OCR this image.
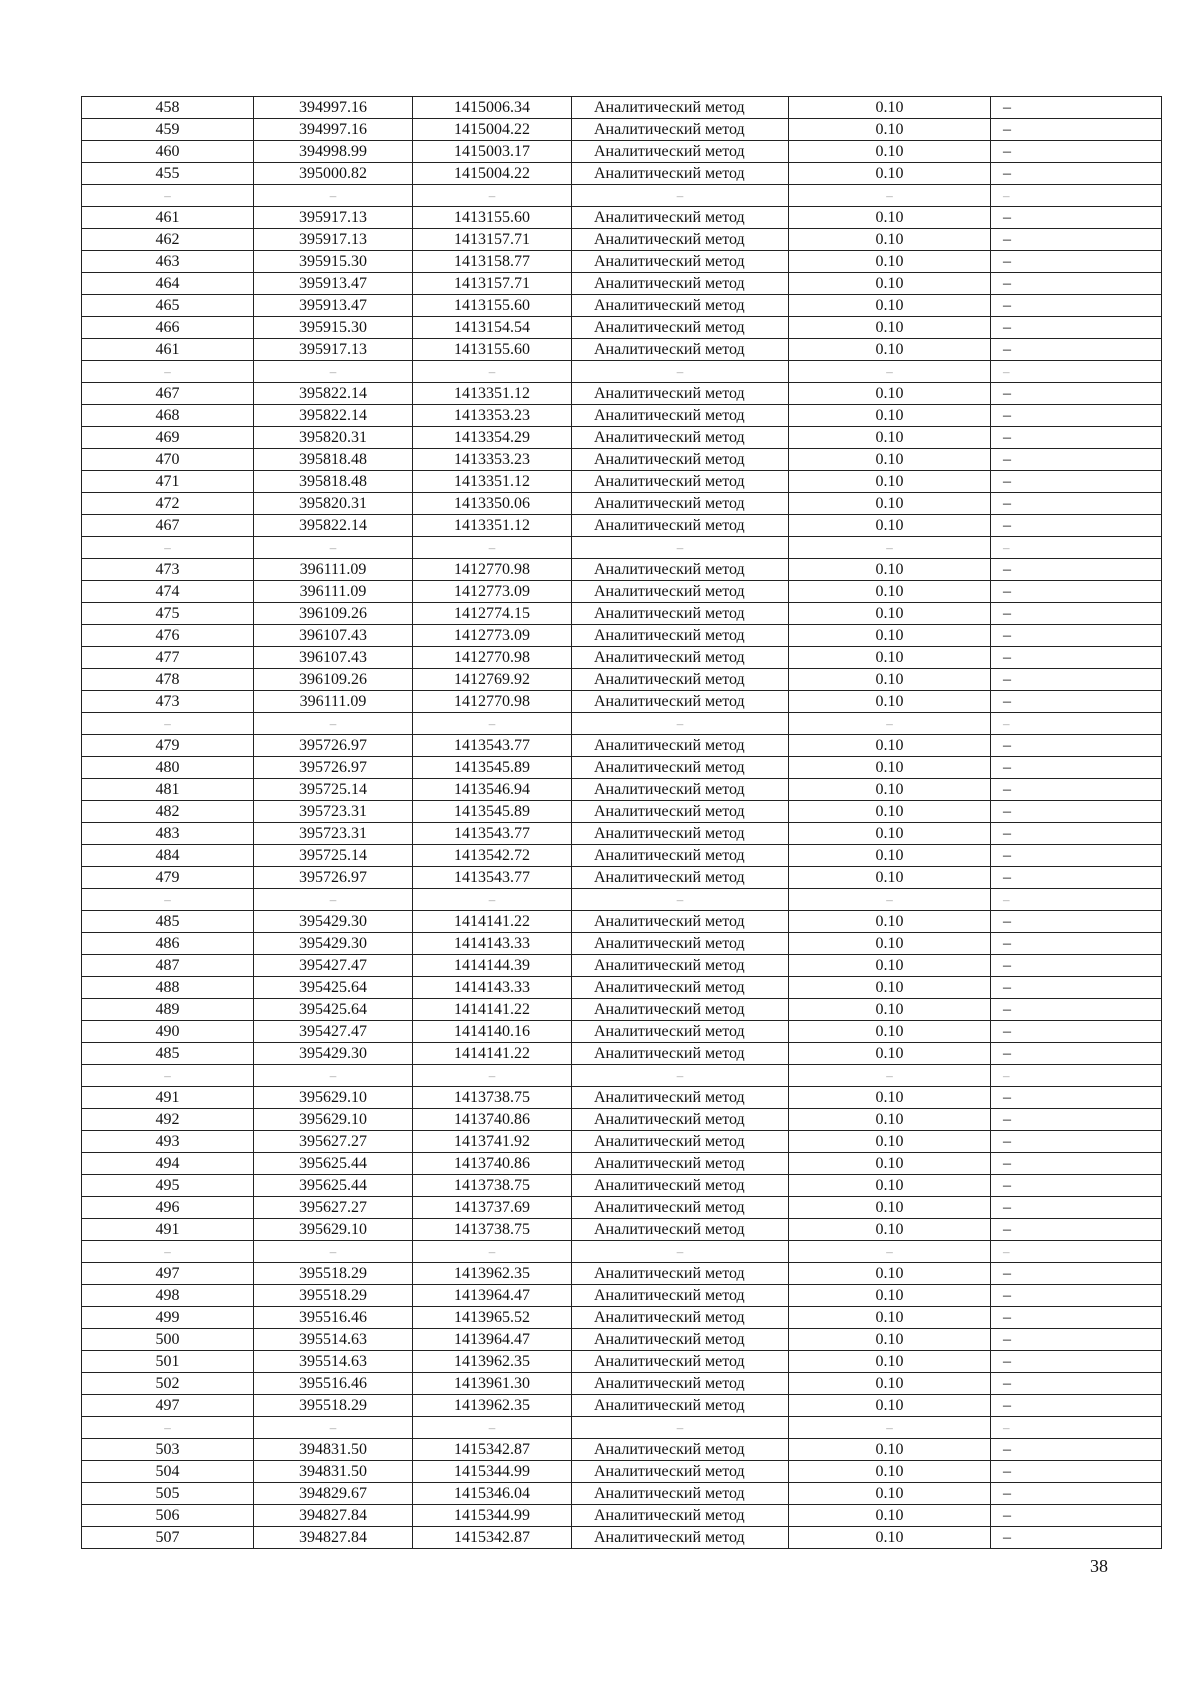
458	394997.16	1415006.34	Аналитический метод	0.10	–
459	394997.16	1415004.22	Аналитический метод	0.10	–
460	394998.99	1415003.17	Аналитический метод	0.10	–
455	395000.82	1415004.22	Аналитический метод	0.10	–
–	–	–	–	–	–
461	395917.13	1413155.60	Аналитический метод	0.10	–
462	395917.13	1413157.71	Аналитический метод	0.10	–
463	395915.30	1413158.77	Аналитический метод	0.10	–
464	395913.47	1413157.71	Аналитический метод	0.10	–
465	395913.47	1413155.60	Аналитический метод	0.10	–
466	395915.30	1413154.54	Аналитический метод	0.10	–
461	395917.13	1413155.60	Аналитический метод	0.10	–
–	–	–	–	–	–
467	395822.14	1413351.12	Аналитический метод	0.10	–
468	395822.14	1413353.23	Аналитический метод	0.10	–
469	395820.31	1413354.29	Аналитический метод	0.10	–
470	395818.48	1413353.23	Аналитический метод	0.10	–
471	395818.48	1413351.12	Аналитический метод	0.10	–
472	395820.31	1413350.06	Аналитический метод	0.10	–
467	395822.14	1413351.12	Аналитический метод	0.10	–
–	–	–	–	–	–
473	396111.09	1412770.98	Аналитический метод	0.10	–
474	396111.09	1412773.09	Аналитический метод	0.10	–
475	396109.26	1412774.15	Аналитический метод	0.10	–
476	396107.43	1412773.09	Аналитический метод	0.10	–
477	396107.43	1412770.98	Аналитический метод	0.10	–
478	396109.26	1412769.92	Аналитический метод	0.10	–
473	396111.09	1412770.98	Аналитический метод	0.10	–
–	–	–	–	–	–
479	395726.97	1413543.77	Аналитический метод	0.10	–
480	395726.97	1413545.89	Аналитический метод	0.10	–
481	395725.14	1413546.94	Аналитический метод	0.10	–
482	395723.31	1413545.89	Аналитический метод	0.10	–
483	395723.31	1413543.77	Аналитический метод	0.10	–
484	395725.14	1413542.72	Аналитический метод	0.10	–
479	395726.97	1413543.77	Аналитический метод	0.10	–
–	–	–	–	–	–
485	395429.30	1414141.22	Аналитический метод	0.10	–
486	395429.30	1414143.33	Аналитический метод	0.10	–
487	395427.47	1414144.39	Аналитический метод	0.10	–
488	395425.64	1414143.33	Аналитический метод	0.10	–
489	395425.64	1414141.22	Аналитический метод	0.10	–
490	395427.47	1414140.16	Аналитический метод	0.10	–
485	395429.30	1414141.22	Аналитический метод	0.10	–
–	–	–	–	–	–
491	395629.10	1413738.75	Аналитический метод	0.10	–
492	395629.10	1413740.86	Аналитический метод	0.10	–
493	395627.27	1413741.92	Аналитический метод	0.10	–
494	395625.44	1413740.86	Аналитический метод	0.10	–
495	395625.44	1413738.75	Аналитический метод	0.10	–
496	395627.27	1413737.69	Аналитический метод	0.10	–
491	395629.10	1413738.75	Аналитический метод	0.10	–
–	–	–	–	–	–
497	395518.29	1413962.35	Аналитический метод	0.10	–
498	395518.29	1413964.47	Аналитический метод	0.10	–
499	395516.46	1413965.52	Аналитический метод	0.10	–
500	395514.63	1413964.47	Аналитический метод	0.10	–
501	395514.63	1413962.35	Аналитический метод	0.10	–
502	395516.46	1413961.30	Аналитический метод	0.10	–
497	395518.29	1413962.35	Аналитический метод	0.10	–
–	–	–	–	–	–
503	394831.50	1415342.87	Аналитический метод	0.10	–
504	394831.50	1415344.99	Аналитический метод	0.10	–
505	394829.67	1415346.04	Аналитический метод	0.10	–
506	394827.84	1415344.99	Аналитический метод	0.10	–
507	394827.84	1415342.87	Аналитический метод	0.10	–
38
